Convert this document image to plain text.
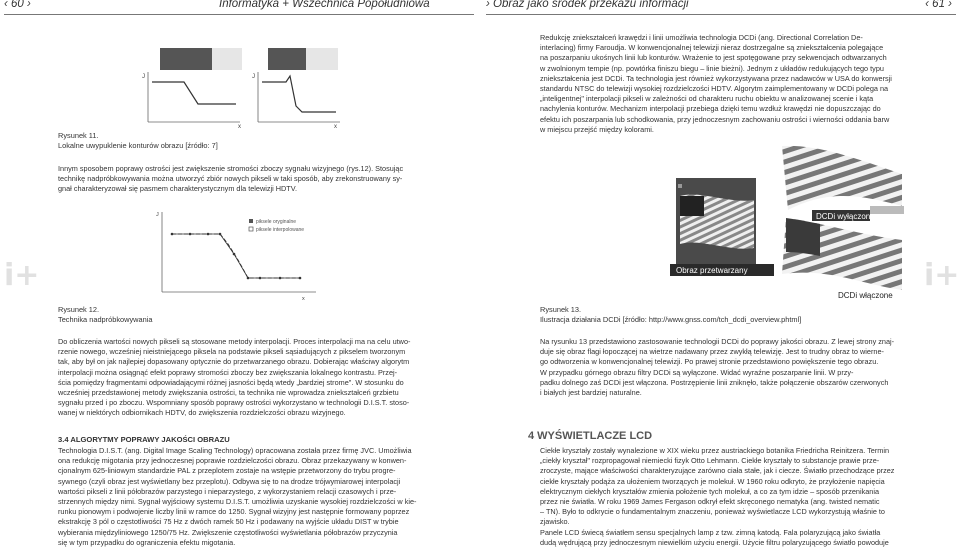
‹ 60 ›	Informatyka + Wszechnica Popołudniowa	› Obraz jako środek przekazu informacji	‹ 61 ›
i+	i+
Rysunek 11.
Lokalne uwypuklenie konturów obrazu [źródło: 7]
J
x
J
x
Innym sposobem poprawy ostrości jest zwiększenie stromości zboczy sygnału wizyjnego (rys.12). Stosując
technikę nadpróbkowywania można utworzyć zbiór nowych pikseli w taki sposób, aby zrekonstruowany sy-
gnał charakteryzował się pasmem charakterystycznym dla telewizji HDTV.
J
x
piksele oryginalne
piksele interpolowane
Rysunek 12.
Technika nadpróbkowywania
Do obliczenia wartości nowych pikseli są stosowane metody interpolacji. Proces interpolacji ma na celu utwo-
rzenie nowego, wcześniej nieistniejącego piksela na podstawie pikseli sąsiadujących z pikselem tworzonym
tak, aby był on jak najlepiej dopasowany optycznie do przetwarzanego obrazu. Dobierając właściwy algorytm
interpolacji można osiągnąć efekt poprawy stromości zboczy bez zwiększania lokalnego kontrastu. Przej-
ścia pomiędzy fragmentami odpowiadającymi różnej jasności będą wtedy „bardziej strome". W stosunku do
wcześniej przedstawionej metody zwiększania ostrości, ta technika nie wprowadza zniekształceń grzbietu
sygnału przed i po zboczu. Wspomniany sposób poprawy ostrości wykorzystano w technologii D.I.S.T. stoso-
wanej w niektórych odbiornikach HDTV, do zwiększenia rozdzielczości obrazu wizyjnego.
3.4 ALGORYTMY POPRAWY JAKOŚCI OBRAZU
Technologia D.I.S.T. (ang. Digital Image Scaling Technology) opracowana została przez firmę JVC. Umożliwia
ona redukcję migotania przy jednoczesnej poprawie rozdzielczości obrazu. Obraz przekazywany w konwen-
cjonalnym 625-liniowym standardzie PAL z przeplotem zostaje na wstępie przetworzony do trybu progre-
sywnego (czyli obraz jest wyświetlany bez przeplotu). Odbywa się to na drodze trójwymiarowej interpolacji
wartości pikseli z linii półobrazów parzystego i nieparzystego, z wykorzystaniem relacji czasowych i prze-
strzennych między nimi. Sygnał wyjściowy systemu D.I.S.T. umożliwia uzyskanie wysokiej rozdzielczości w kie-
runku pionowym i podwojenie liczby linii w ramce do 1250. Sygnał wizyjny jest następnie formowany poprzez
ekstrakcję 3 pól o częstotliwości 75 Hz z dwóch ramek 50 Hz i podawany na wyjście układu DIST w trybie
wybierania międzyliniowego 1250/75 Hz. Zwiększenie częstotliwości wyświetlania półobrazów przyczynia
się w tym przypadku do ograniczenia efektu migotania.
Redukcję zniekształceń krawędzi i linii umożliwia technologia DCDi (ang. Directional Correlation De-
interlacing) firmy Faroudja. W konwencjonalnej telewizji nieraz dostrzegalne są zniekształcenia polegające
na poszarpaniu ukośnych linii lub konturów. Wrażenie to jest spotęgowane przy sekwencjach odtwarzanych
w zwolnionym tempie (np. powtórka finiszu biegu – linie bieżni). Jednym z układów redukujących tego typu
zniekształcenia jest DCDi. Ta technologia jest również wykorzystywana przez nadawców w USA do konwersji
standardu NTSC do telewizji wysokiej rozdzielczości HDTV. Algorytm zaimplementowany w DCDi polega na
„inteligentnej" interpolacji pikseli w zależności od charakteru ruchu obiektu w analizowanej scenie i kąta
nachylenia konturów. Mechanizm interpolacji przebiega dzięki temu wzdłuż krawędzi nie dopuszczając do
efektu ich poszarpania lub schodkowania, przy jednoczesnym zachowaniu ostrości i wierności oddania barw
w miejscu przejść między kolorami.
DCDi wyłączone
Obraz przetwarzany
DCDi włączone
Rysunek 13.
Ilustracja działania DCDi [źródło: http://www.gnss.com/tch_dcdi_overview.phtml]
Na rysunku 13 przedstawiono zastosowanie technologii DCDi do poprawy jakości obrazu. Z lewej strony znaj-
duje się obraz flagi łopoczącej na wietrze nadawany przez zwykłą telewizję. Jest to trudny obraz to wierne-
go odtworzenia w konwencjonalnej telewizji. Po prawej stronie przedstawiono powiększenie tego obrazu.
W przypadku górnego obrazu filtry DCDi są wyłączone. Widać wyraźne poszarpanie linii. W przy-
padku dolnego zaś DCDi jest włączona. Postrzępienie linii zniknęło, także połączenie obszarów czerwonych
i białych jest bardziej naturalne.
4 WYŚWIETLACZE LCD
Ciekłe kryształy zostały wynalezione w XIX wieku przez austriackiego botanika Friedricha Reinitzera. Termin
„ciekły kryształ" rozpropagował niemiecki fizyk Otto Lehmann. Ciekłe kryształy to substancje prawie prze-
zroczyste, mające właściwości charakteryzujące zarówno ciała stałe, jak i cieczе. Światło przechodzące przez
ciekłe kryształy podąża za ułożeniem tworzących je molekuł. W 1960 roku odkryto, że przyłożenie napięcia
elektrycznym ciekłych kryształów zmienia położenie tych molekuł, a co za tym idzie – sposób przenikania
przez nie światła. W roku 1969 James Fergason odkrył efekt skręconego nematyka (ang. twisted nematic
– TN). Było to odkrycie o fundamentalnym znaczeniu, ponieważ wyświetlacze LCD wykorzystują właśnie to
zjawisko.
Panele LCD świecą światłem sensu specjalnych lamp z tzw. zimną katodą. Fala polaryzującą jako światła
dudą wędrującą przy jednoczesnym niewielkim użyciu energii. Użycie filtru polaryzującego światło powoduje
